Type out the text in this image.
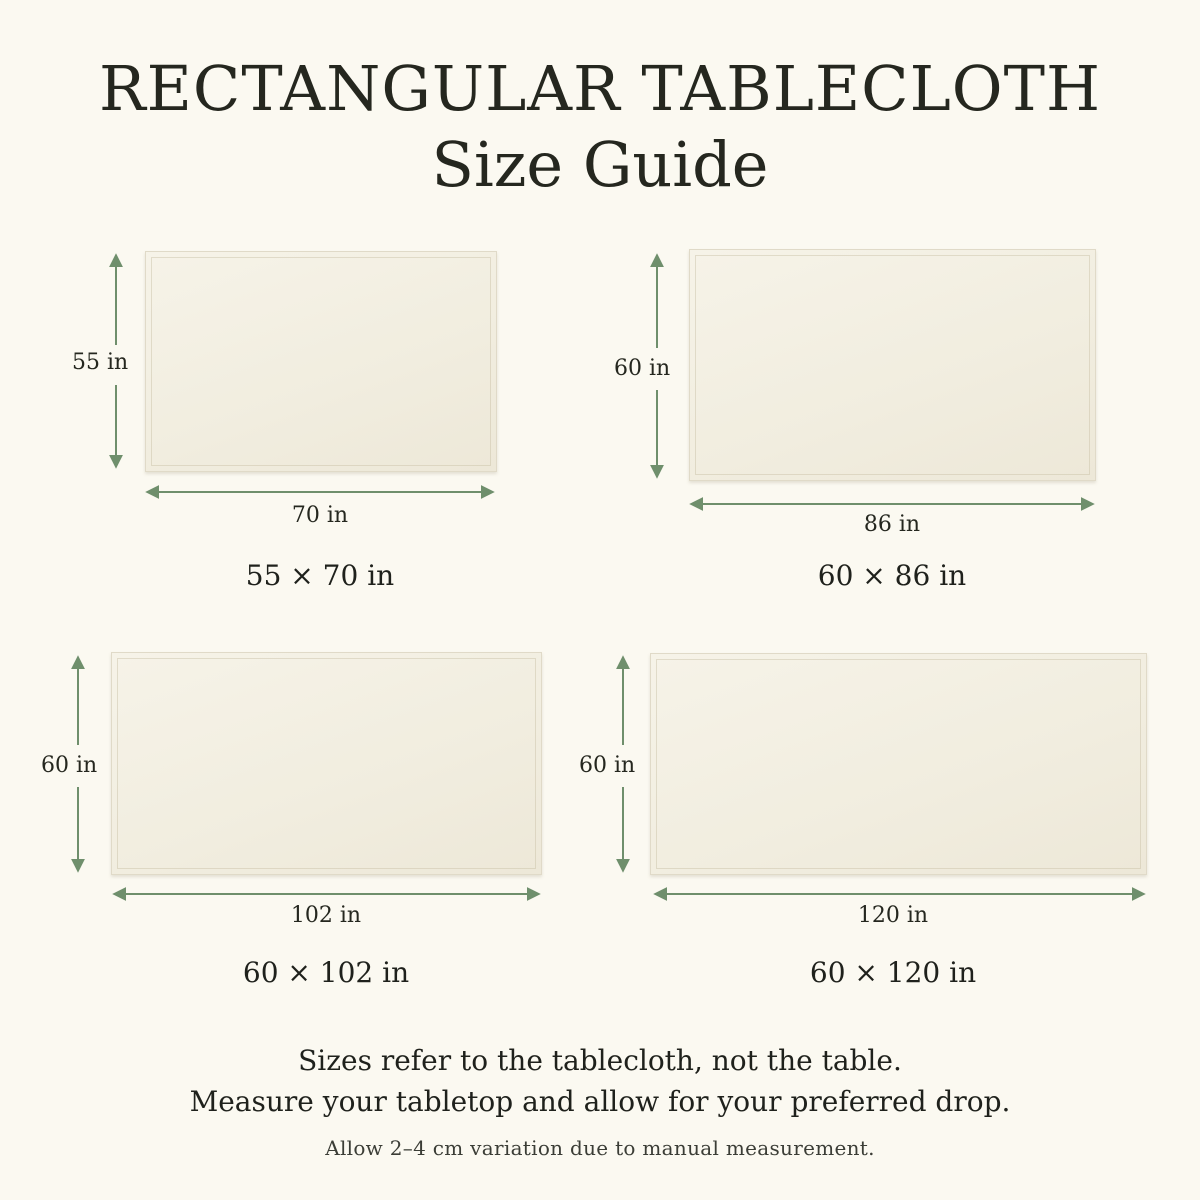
RECTANGULAR TABLECLOTH
Size Guide
55 in
70 in
55 × 70 in
60 in
86 in
60 × 86 in
60 in
102 in
60 × 102 in
60 in
120 in
60 × 120 in
Sizes refer to the tablecloth, not the table.
Measure your tabletop and allow for your preferred drop.
Allow 2–4 cm variation due to manual measurement.
